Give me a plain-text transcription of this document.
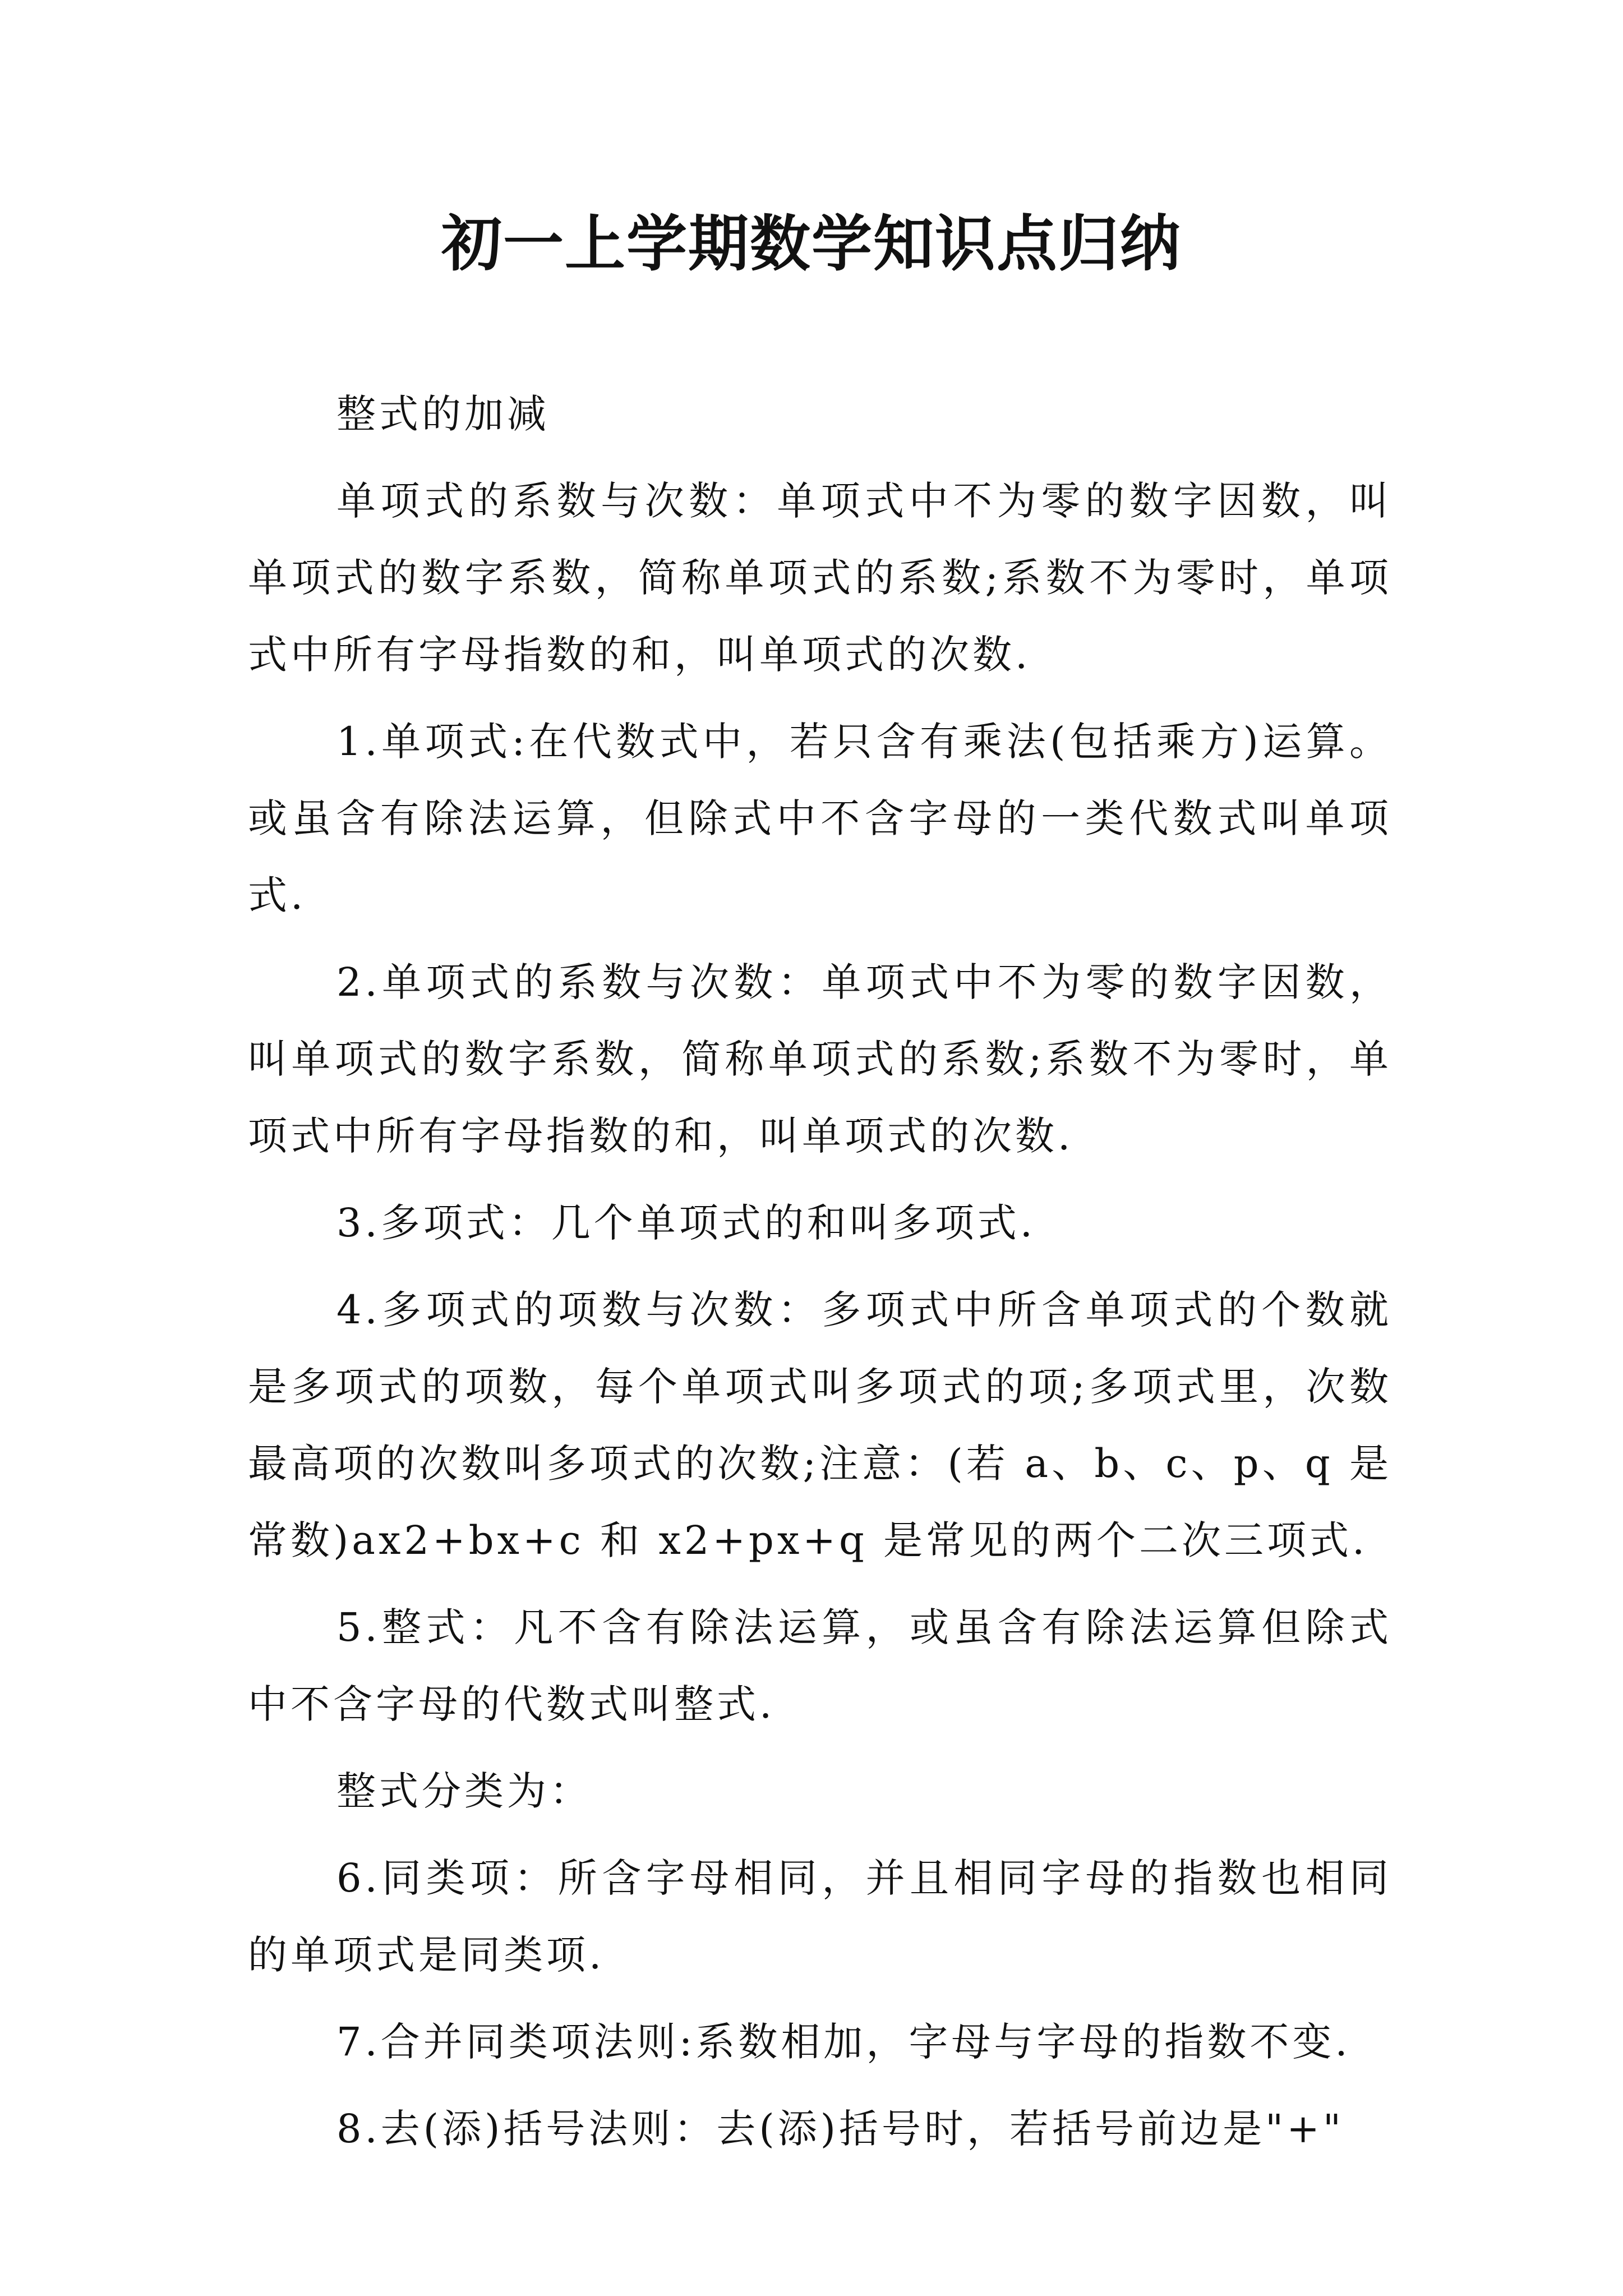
初一上学期数学知识点归纳

整式的加减

单项式的系数与次数：单项式中不为零的数字因数，叫单项式的数字系数，简称单项式的系数;系数不为零时，单项式中所有字母指数的和，叫单项式的次数.

1.单项式:在代数式中，若只含有乘法(包括乘方)运算。或虽含有除法运算，但除式中不含字母的一类代数式叫单项式.

2.单项式的系数与次数：单项式中不为零的数字因数，叫单项式的数字系数，简称单项式的系数;系数不为零时，单项式中所有字母指数的和，叫单项式的次数.

3.多项式：几个单项式的和叫多项式.

4.多项式的项数与次数：多项式中所含单项式的个数就是多项式的项数，每个单项式叫多项式的项;多项式里，次数最高项的次数叫多项式的次数;注意：(若 a、b、c、p、q 是常数)ax2+bx+c 和 x2+px+q 是常见的两个二次三项式.

5.整式：凡不含有除法运算，或虽含有除法运算但除式中不含字母的代数式叫整式.

整式分类为：

6.同类项：所含字母相同，并且相同字母的指数也相同的单项式是同类项.

7.合并同类项法则:系数相加，字母与字母的指数不变.

8.去(添)括号法则：去(添)括号时，若括号前边是"+"
